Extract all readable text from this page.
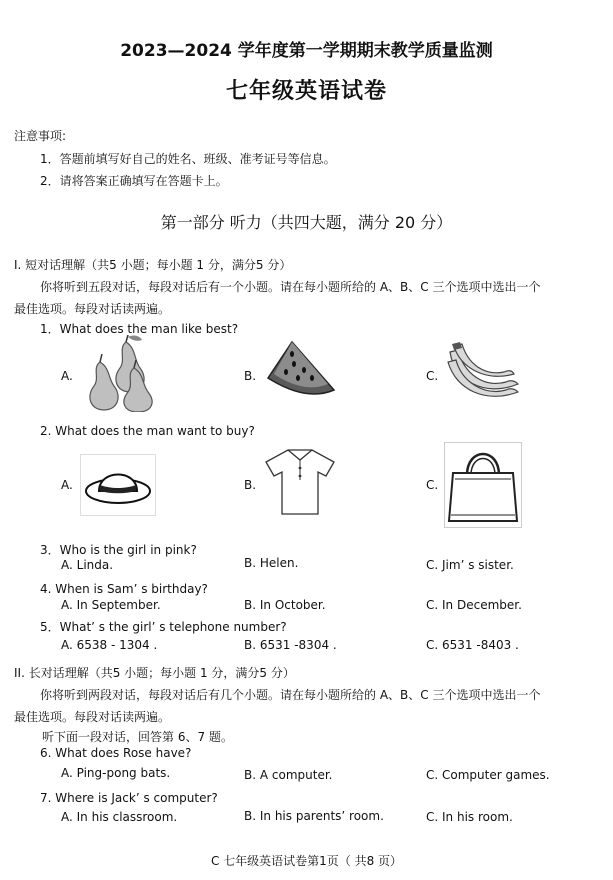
2023—2024 学年度第一学期期末教学质量监测
七年级英语试卷
注意事项:
1．答题前填写好自己的姓名、班级、准考证号等信息。
2．请将答案正确填写在答题卡上。
第一部分 听力（共四大题，满分 20 分）
I. 短对话理解（共5 小题；每小题 1 分，满分5 分）
你将听到五段对话，每段对话后有一个小题。请在每小题所给的 A、B、C 三个选项中选出一个
最佳选项。每段对话读两遍。
1．What does the man like best?
A.	B.	C.
2. What does the man want to buy?
A.	B.	C.
3．Who is the girl in pink?
A. Linda.	B. Helen.	C. Jim’ s sister.
4. When is Sam’ s birthday?
A. In September.	B. In October.	C. In December.
5．What’ s the girl’ s telephone number?
A. 6538 - 1304 .	B. 6531 -8304 .	C. 6531 -8403 .
II. 长对话理解（共5 小题；每小题 1 分，满分5 分）
你将听到两段对话，每段对话后有几个小题。请在每小题所给的 A、B、C 三个选项中选出一个
最佳选项。每段对话读两遍。
听下面一段对话，回答第 6、7 题。
6. What does Rose have?
A. Ping-pong bats.	B. A computer.	C. Computer games.
7. Where is Jack’ s computer?
A. In his classroom.	B. In his parents’ room.	C. In his room.
C 七年级英语试卷第1页（ 共8 页）
